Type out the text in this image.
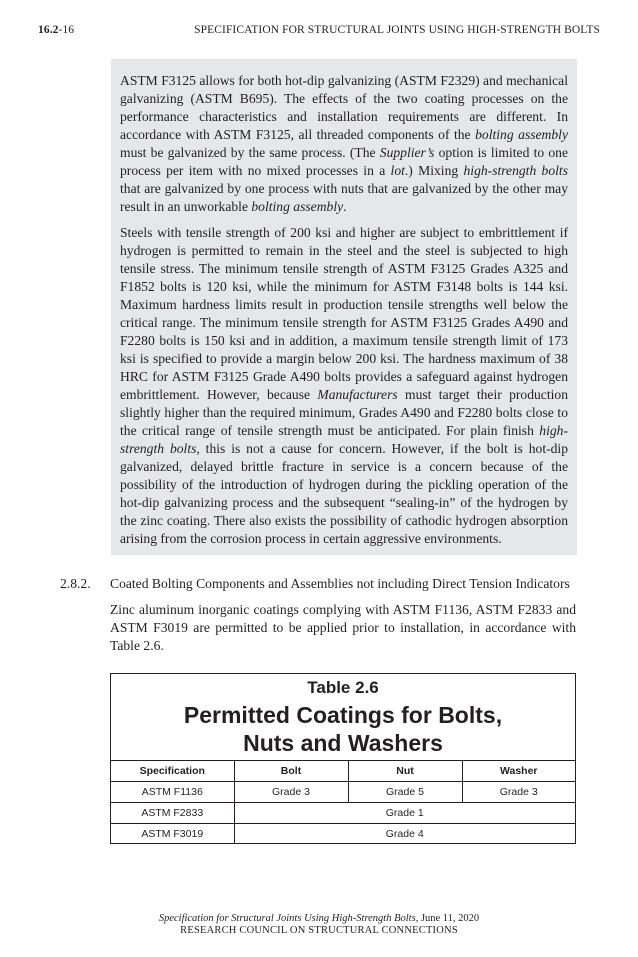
16.2-16	SPECIFICATION FOR STRUCTURAL JOINTS USING HIGH-STRENGTH BOLTS

ASTM F3125 allows for both hot-dip galvanizing (ASTM F2329) and mechanical galvanizing (ASTM B695). The effects of the two coating processes on the performance characteristics and installation requirements are different. In accordance with ASTM F3125, all threaded components of the bolting assembly must be galvanized by the same process. (The Supplier’s option is limited to one process per item with no mixed processes in a lot.) Mixing high-strength bolts that are galvanized by one process with nuts that are galvanized by the other may result in an unworkable bolting assembly.

Steels with tensile strength of 200 ksi and higher are subject to embrittlement if hydrogen is permitted to remain in the steel and the steel is subjected to high tensile stress. The minimum tensile strength of ASTM F3125 Grades A325 and F1852 bolts is 120 ksi, while the minimum for ASTM F3148 bolts is 144 ksi. Maximum hardness limits result in production tensile strengths well below the critical range. The minimum tensile strength for ASTM F3125 Grades A490 and F2280 bolts is 150 ksi and in addition, a maximum tensile strength limit of 173 ksi is specified to provide a margin below 200 ksi. The hardness maximum of 38 HRC for ASTM F3125 Grade A490 bolts provides a safeguard against hydrogen embrittlement. However, because Manufacturers must target their production slightly higher than the required minimum, Grades A490 and F2280 bolts close to the critical range of tensile strength must be anticipated. For plain finish high-strength bolts, this is not a cause for concern. However, if the bolt is hot-dip galvanized, delayed brittle fracture in service is a concern because of the possibility of the introduction of hydrogen during the pickling operation of the hot-dip galvanizing process and the subsequent “sealing-in” of the hydrogen by the zinc coating. There also exists the possibility of cathodic hydrogen absorption arising from the corrosion process in certain aggressive environments.

2.8.2. Coated Bolting Components and Assemblies not including Direct Tension Indicators

Zinc aluminum inorganic coatings complying with ASTM F1136, ASTM F2833 and ASTM F3019 are permitted to be applied prior to installation, in accordance with Table 2.6.

Table 2.6
Permitted Coatings for Bolts,
Nuts and Washers
Specification	Bolt	Nut	Washer
ASTM F1136	Grade 3	Grade 5	Grade 3
ASTM F2833	Grade 1		
ASTM F3019	Grade 4		
Specification for Structural Joints Using High-Strength Bolts, June 11, 2020
RESEARCH COUNCIL ON STRUCTURAL CONNECTIONS
